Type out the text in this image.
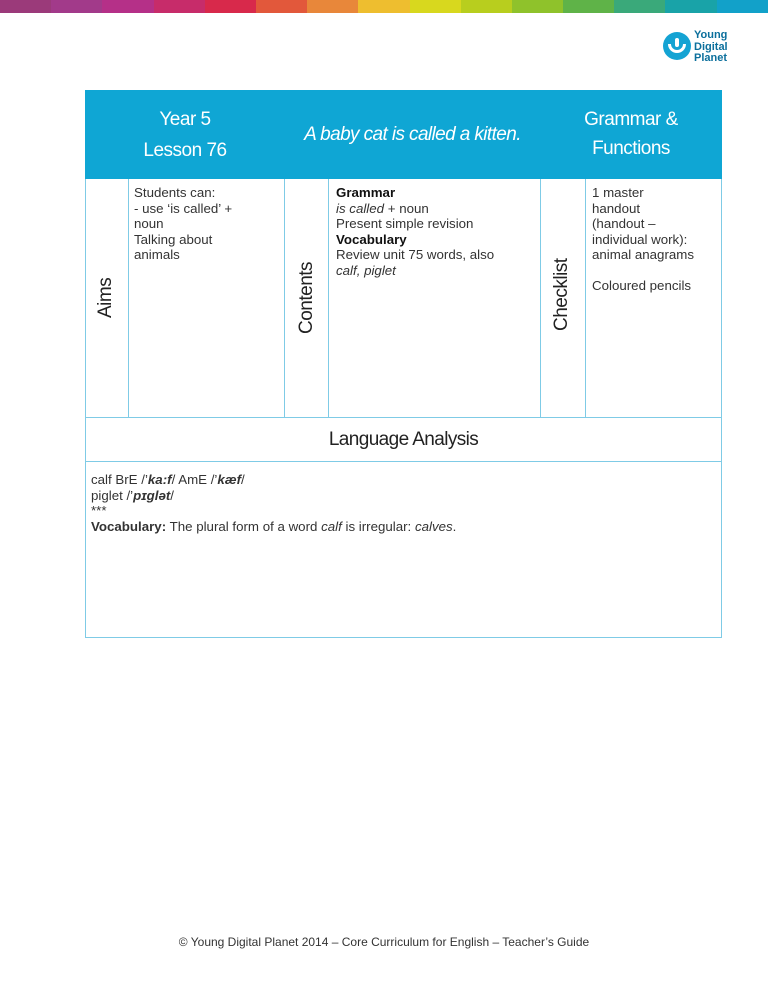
Young
Digital
Planet
Year 5
Lesson 76
A baby cat is called a kitten.
Grammar &
Functions
Aims	Contents	Checklist
Students can:
- use ‘is called’ +
noun
Talking about
animals
Grammar
is called + noun
Present simple revision
Vocabulary
Review unit 75 words, also
calf, piglet
1 master
handout
(handout –
individual work):
animal anagrams
Coloured pencils
Language Analysis
calf BrE /’ka:f/ AmE /’kæf/
piglet /’pɪglət/
***
Vocabulary: The plural form of a word calf is irregular: calves.
© Young Digital Planet 2014 – Core Curriculum for English – Teacher’s Guide
